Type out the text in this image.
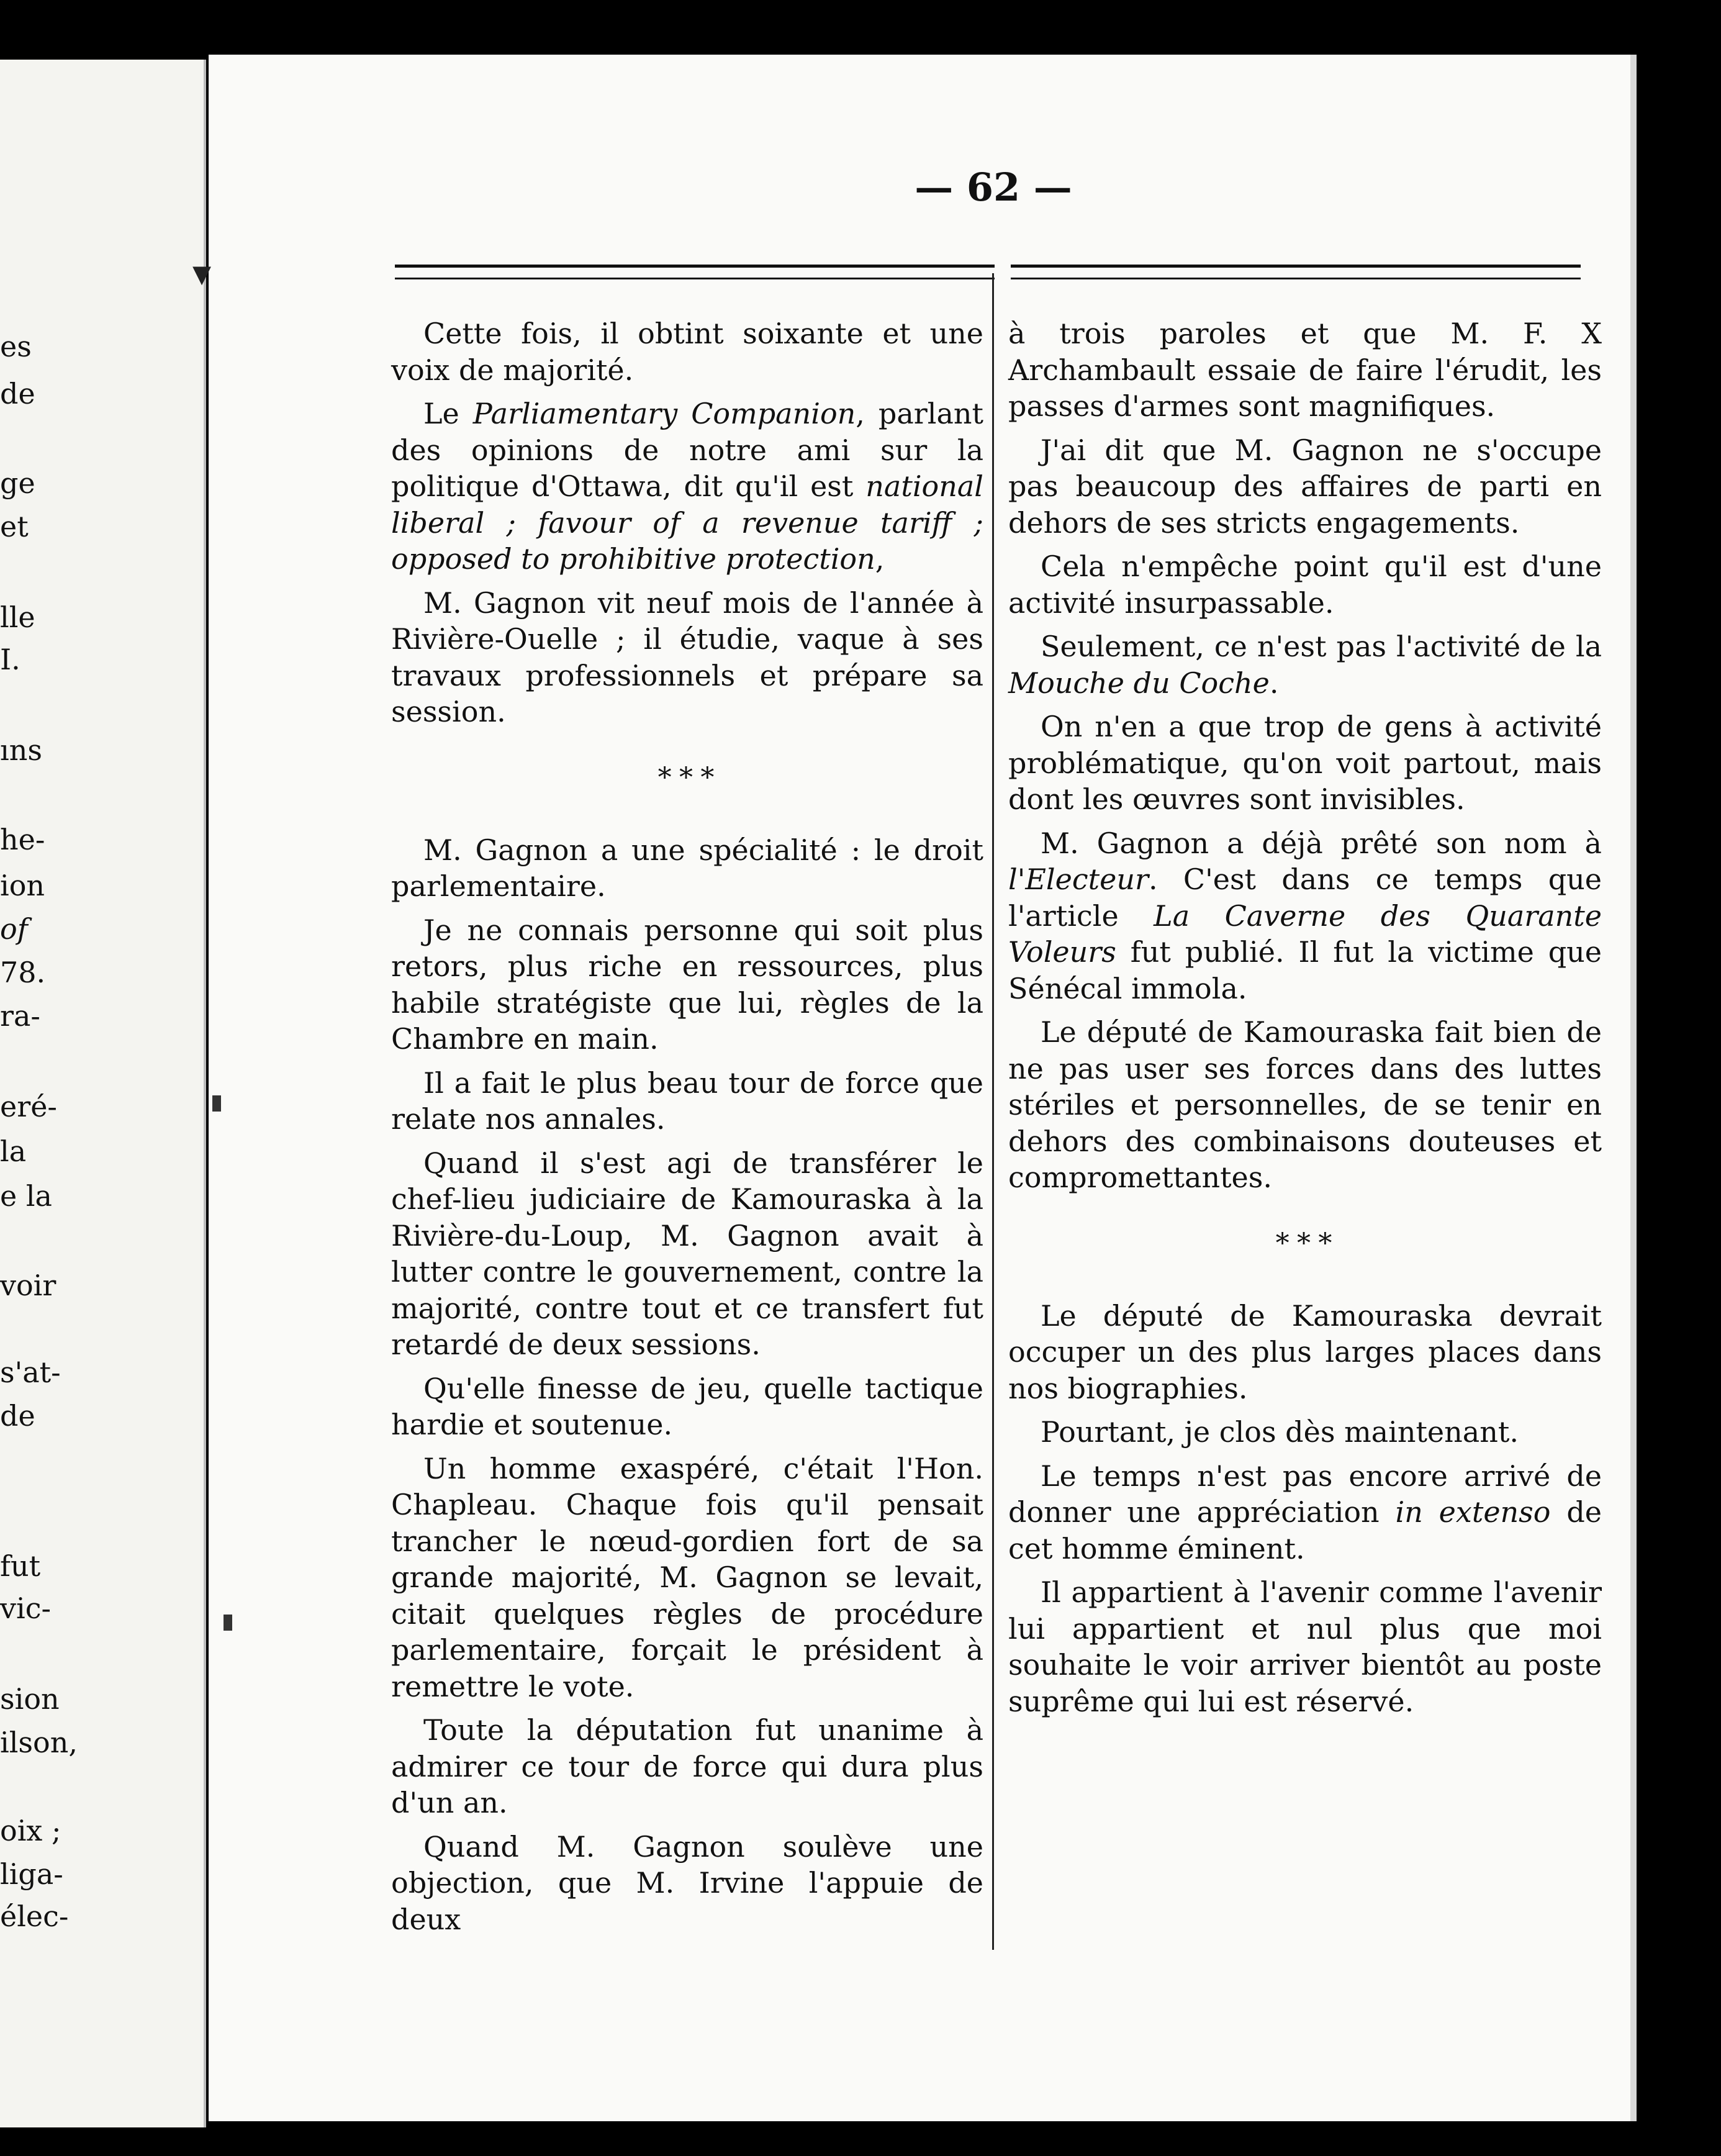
es
de
ge
et
lle
I.
ıns
he-
ion
of
78.
ra-
eré-
la
e la
voir
s'at-
de
fut
vic-
sion
ilson,
oix ;
liga-
élec-
▾
— 62 —

Cette fois, il obtint soixante et une voix de majorité.

Le Parliamentary Companion, parlant des opinions de notre ami sur la politique d'Ottawa, dit qu'il est national liberal ; favour of a revenue tariff ; opposed to prohibitive protection,

M. Gagnon vit neuf mois de l'année à Rivière-Ouelle ; il étudie, vaque à ses travaux professionnels et prépare sa session.

* * *

M. Gagnon a une spécialité : le droit parlementaire.

Je ne connais personne qui soit plus retors, plus riche en ressources, plus habile stratégiste que lui, règles de la Chambre en main.

Il a fait le plus beau tour de force que relate nos annales.

Quand il s'est agi de transférer le chef-lieu judiciaire de Kamouraska à la Rivière-du-Loup, M. Gagnon avait à lutter contre le gouvernement, contre la majorité, contre tout et ce transfert fut retardé de deux sessions.

Qu'elle finesse de jeu, quelle tactique hardie et soutenue.

Un homme exaspéré, c'était l'Hon. Chapleau. Chaque fois qu'il pensait trancher le nœud-gordien fort de sa grande majorité, M. Gagnon se levait, citait quelques règles de procédure parlementaire, forçait le président à remettre le vote.

Toute la députation fut unanime à admirer ce tour de force qui dura plus d'un an.

Quand M. Gagnon soulève une objection, que M. Irvine l'appuie de deux

à trois paroles et que M. F. X Archambault essaie de faire l'érudit, les passes d'armes sont magnifiques.

J'ai dit que M. Gagnon ne s'occupe pas beaucoup des affaires de parti en dehors de ses stricts engagements.

Cela n'empêche point qu'il est d'une activité insurpassable.

Seulement, ce n'est pas l'activité de la Mouche du Coche.

On n'en a que trop de gens à activité problématique, qu'on voit partout, mais dont les œuvres sont invisibles.

M. Gagnon a déjà prêté son nom à l'Electeur. C'est dans ce temps que l'article La Caverne des Quarante Voleurs fut publié. Il fut la victime que Sénécal immola.

Le député de Kamouraska fait bien de ne pas user ses forces dans des luttes stériles et personnelles, de se tenir en dehors des combinaisons douteuses et compromettantes.

* * *

Le député de Kamouraska devrait occuper un des plus larges places dans nos biographies.

Pourtant, je clos dès maintenant.

Le temps n'est pas encore arrivé de donner une appréciation in extenso de cet homme éminent.

Il appartient à l'avenir comme l'avenir lui appartient et nul plus que moi souhaite le voir arriver bientôt au poste suprême qui lui est réservé.
